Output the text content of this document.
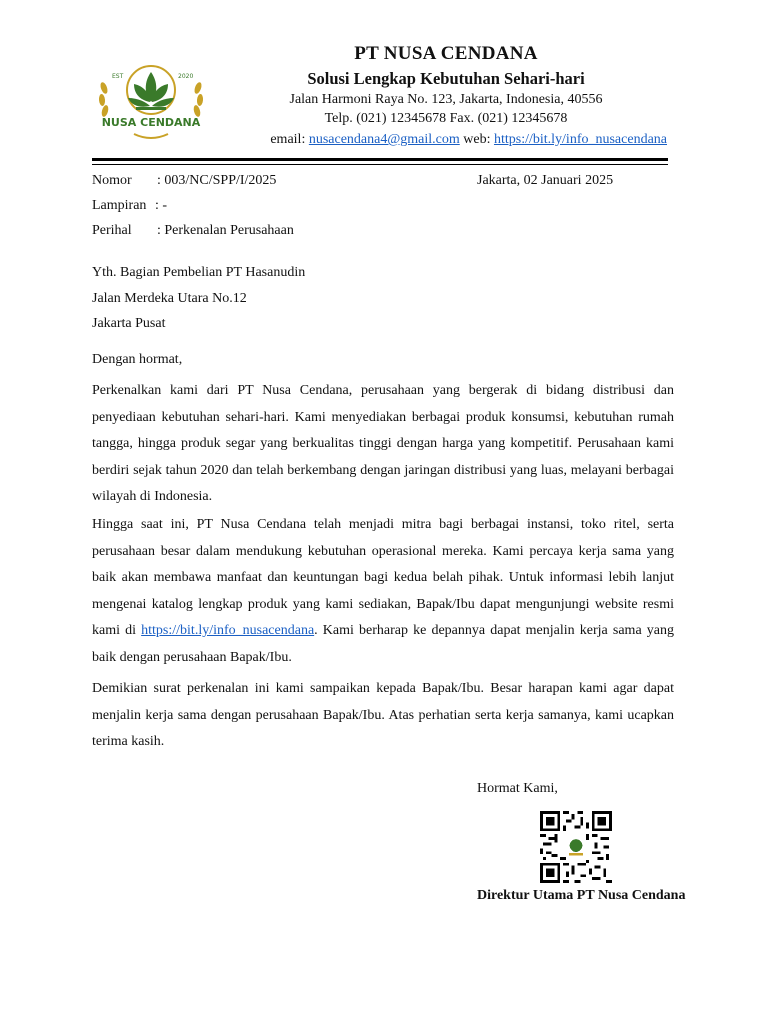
EST	2020
NUSA CENDANA
PT NUSA CENDANA
Solusi Lengkap Kebutuhan Sehari-hari
Jalan Harmoni Raya No. 123, Jakarta, Indonesia, 40556
Telp. (021) 12345678 Fax. (021) 12345678
email: nusacendana4@gmail.com web: https://bit.ly/info_nusacendana
Nomor : 003/NC/SPP/I/2025
Lampiran : -
Perihal : Perkenalan Perusahaan
Jakarta, 02 Januari 2025
Yth. Bagian Pembelian PT Hasanudin
Jalan Merdeka Utara No.12
Jakarta Pusat
Dengan hormat,

Perkenalkan kami dari PT Nusa Cendana, perusahaan yang bergerak di bidang distribusi dan penyediaan kebutuhan sehari-hari. Kami menyediakan berbagai produk konsumsi, kebutuhan rumah tangga, hingga produk segar yang berkualitas tinggi dengan harga yang kompetitif. Perusahaan kami berdiri sejak tahun 2020 dan telah berkembang dengan jaringan distribusi yang luas, melayani berbagai wilayah di Indonesia.

Hingga saat ini, PT Nusa Cendana telah menjadi mitra bagi berbagai instansi, toko ritel, serta perusahaan besar dalam mendukung kebutuhan operasional mereka. Kami percaya kerja sama yang baik akan membawa manfaat dan keuntungan bagi kedua belah pihak. Untuk informasi lebih lanjut mengenai katalog lengkap produk yang kami sediakan, Bapak/Ibu dapat mengunjungi website resmi kami di https://bit.ly/info_nusacendana. Kami berharap ke depannya dapat menjalin kerja sama yang baik dengan perusahaan Bapak/Ibu.

Demikian surat perkenalan ini kami sampaikan kepada Bapak/Ibu. Besar harapan kami agar dapat menjalin kerja sama dengan perusahaan Bapak/Ibu. Atas perhatian serta kerja samanya, kami ucapkan terima kasih.

Hormat Kami,
Direktur Utama PT Nusa Cendana
